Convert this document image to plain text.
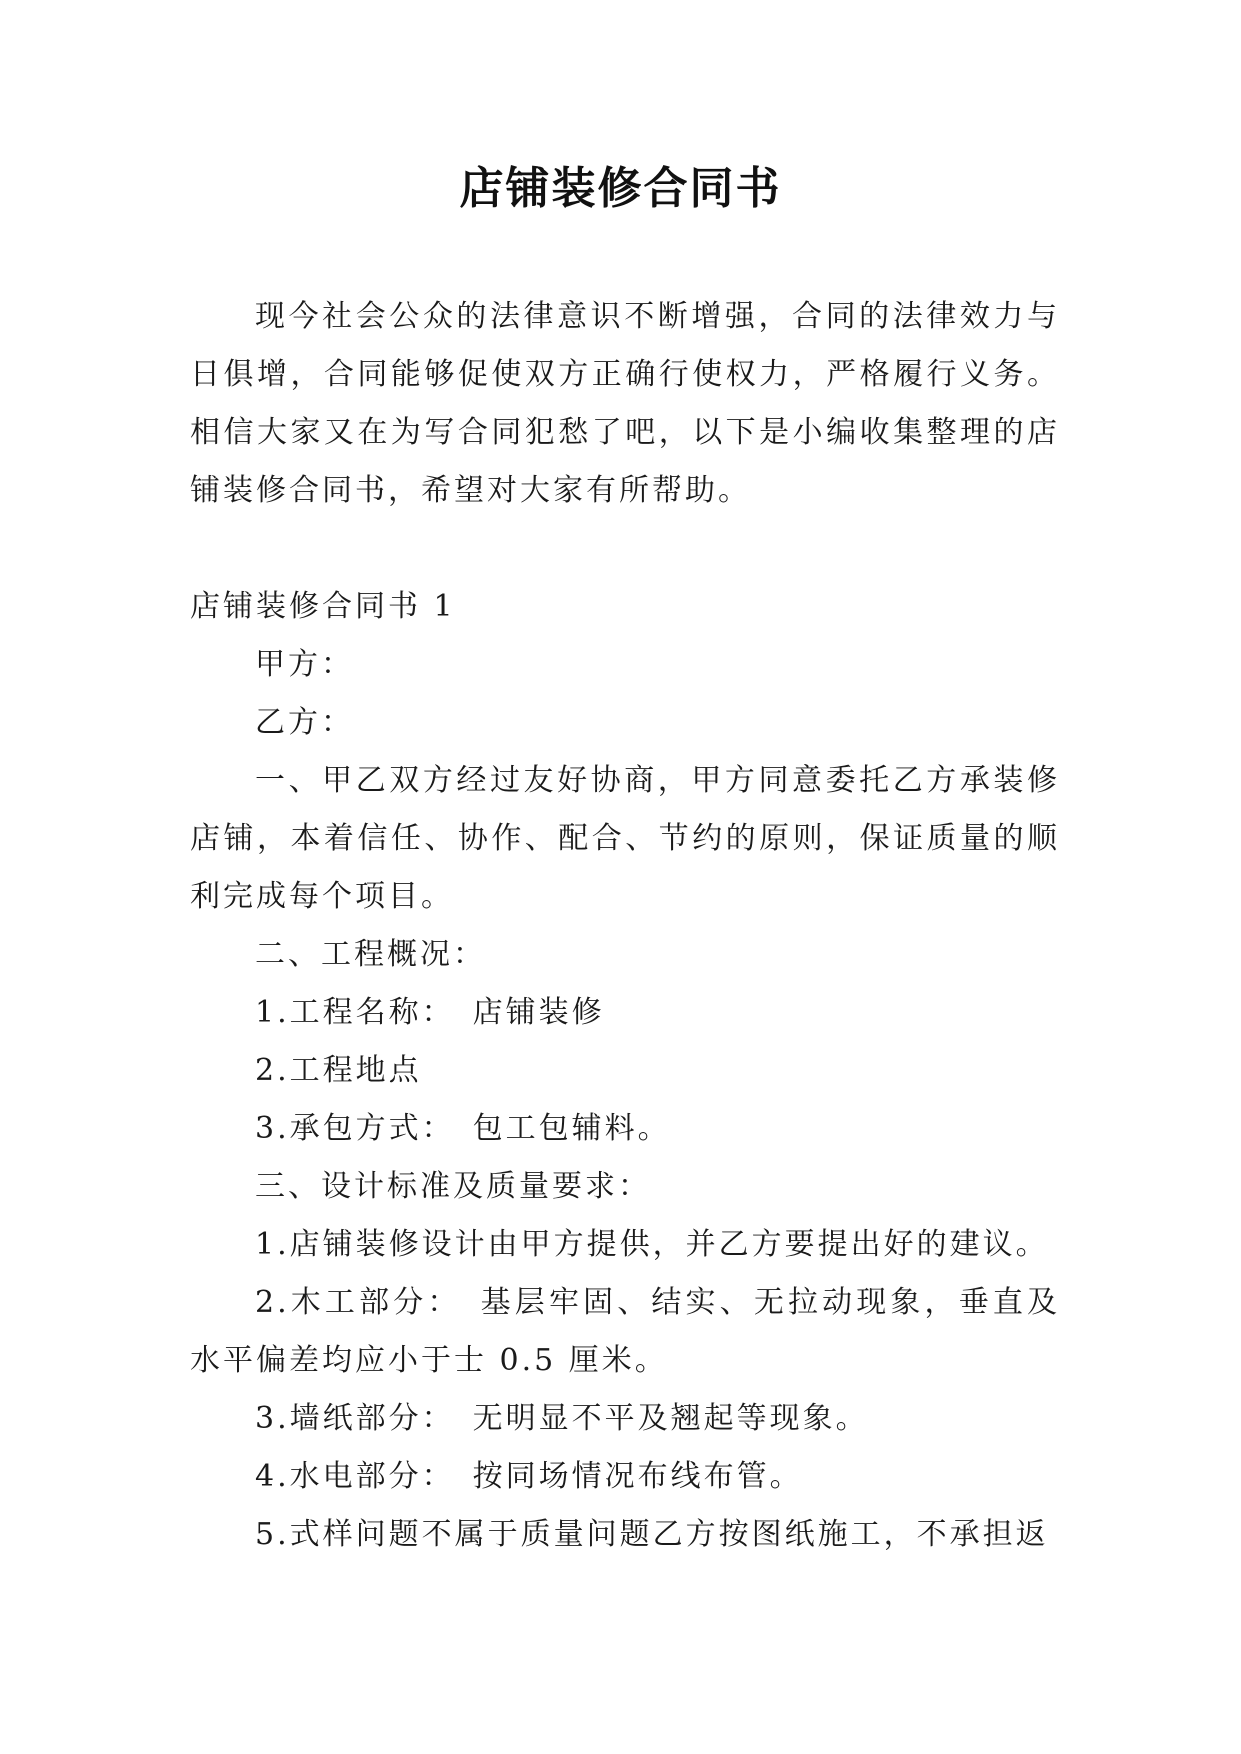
店铺装修合同书

现今社会公众的法律意识不断增强，合同的法律效力与日俱增，合同能够促使双方正确行使权力，严格履行义务。相信大家又在为写合同犯愁了吧，以下是小编收集整理的店铺装修合同书，希望对大家有所帮助。

店铺装修合同书 1

甲方：

乙方：

一、甲乙双方经过友好协商，甲方同意委托乙方承装修店铺，本着信任、协作、配合、节约的原则，保证质量的顺利完成每个项目。

二、工程概况：

1.工程名称：　店铺装修

2.工程地点

3.承包方式：　包工包辅料。

三、设计标准及质量要求：

1.店铺装修设计由甲方提供，并乙方要提出好的建议。

2.木工部分：　基层牢固、结实、无拉动现象，垂直及水平偏差均应小于士 0.5 厘米。

3.墙纸部分：　无明显不平及翘起等现象。

4.水电部分：　按同场情况布线布管。

5.式样问题不属于质量问题乙方按图纸施工，不承担返
